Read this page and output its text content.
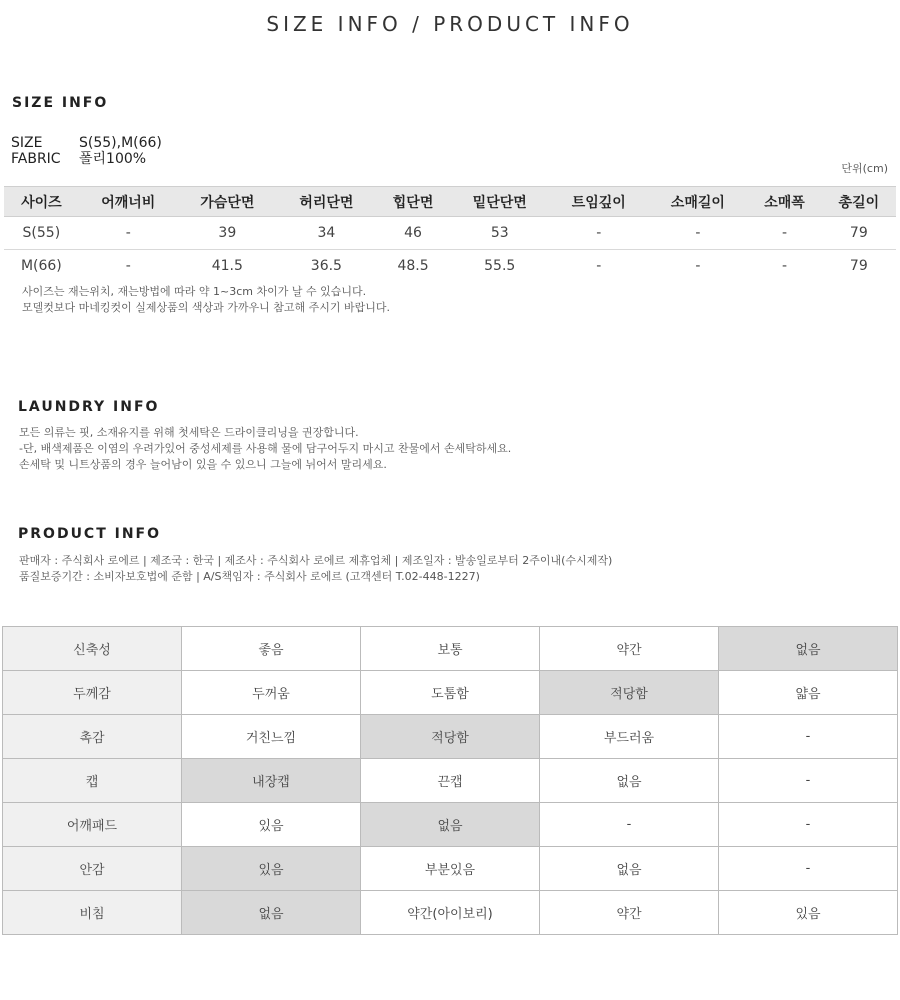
SIZE INFO / PRODUCT INFO
SIZE INFO
SIZE	S(55),M(66)
FABRIC 폴리100%
단위(cm)
사이즈	어깨너비	가슴단면	허리단면	힙단면	밑단단면	트임깊이	소매길이	소매폭	총길이
S(55)	-	39	34	46	53	-	-	-	79
M(66)	-	41.5	36.5	48.5	55.5	-	-	-	79
사이즈는 재는위치, 재는방법에 따라 약 1~3cm 차이가 날 수 있습니다.
모델컷보다 마네킹컷이 실제상품의 색상과 가까우니 참고해 주시기 바랍니다.
LAUNDRY INFO
모든 의류는 핏, 소재유지를 위해 첫세탁은 드라이클리닝을 권장합니다.
-단, 배색제품은 이염의 우려가있어 중성세제를 사용해 물에 담구어두지 마시고 찬물에서 손세탁하세요.
손세탁 및 니트상품의 경우 늘어남이 있을 수 있으니 그늘에 뉘어서 말리세요.
PRODUCT INFO
판매자 : 주식회사 로에르 | 제조국 : 한국 | 제조사 : 주식회사 로에르 제휴업체 | 제조일자 : 발송일로부터 2주이내(수시제작)
품질보증기간 : 소비자보호법에 준함 | A/S책임자 : 주식회사 로에르 (고객센터 T.02-448-1227)
신축성	좋음	보통	약간	없음
두께감	두꺼움	도톰함	적당함	얇음
촉감	거친느낌	적당함	부드러움	-
캡	내장캡	끈캡	없음	-
어깨패드	있음	없음	-	-
안감	있음	부분있음	없음	-
비침	없음	약간(아이보리)	약간	있음
